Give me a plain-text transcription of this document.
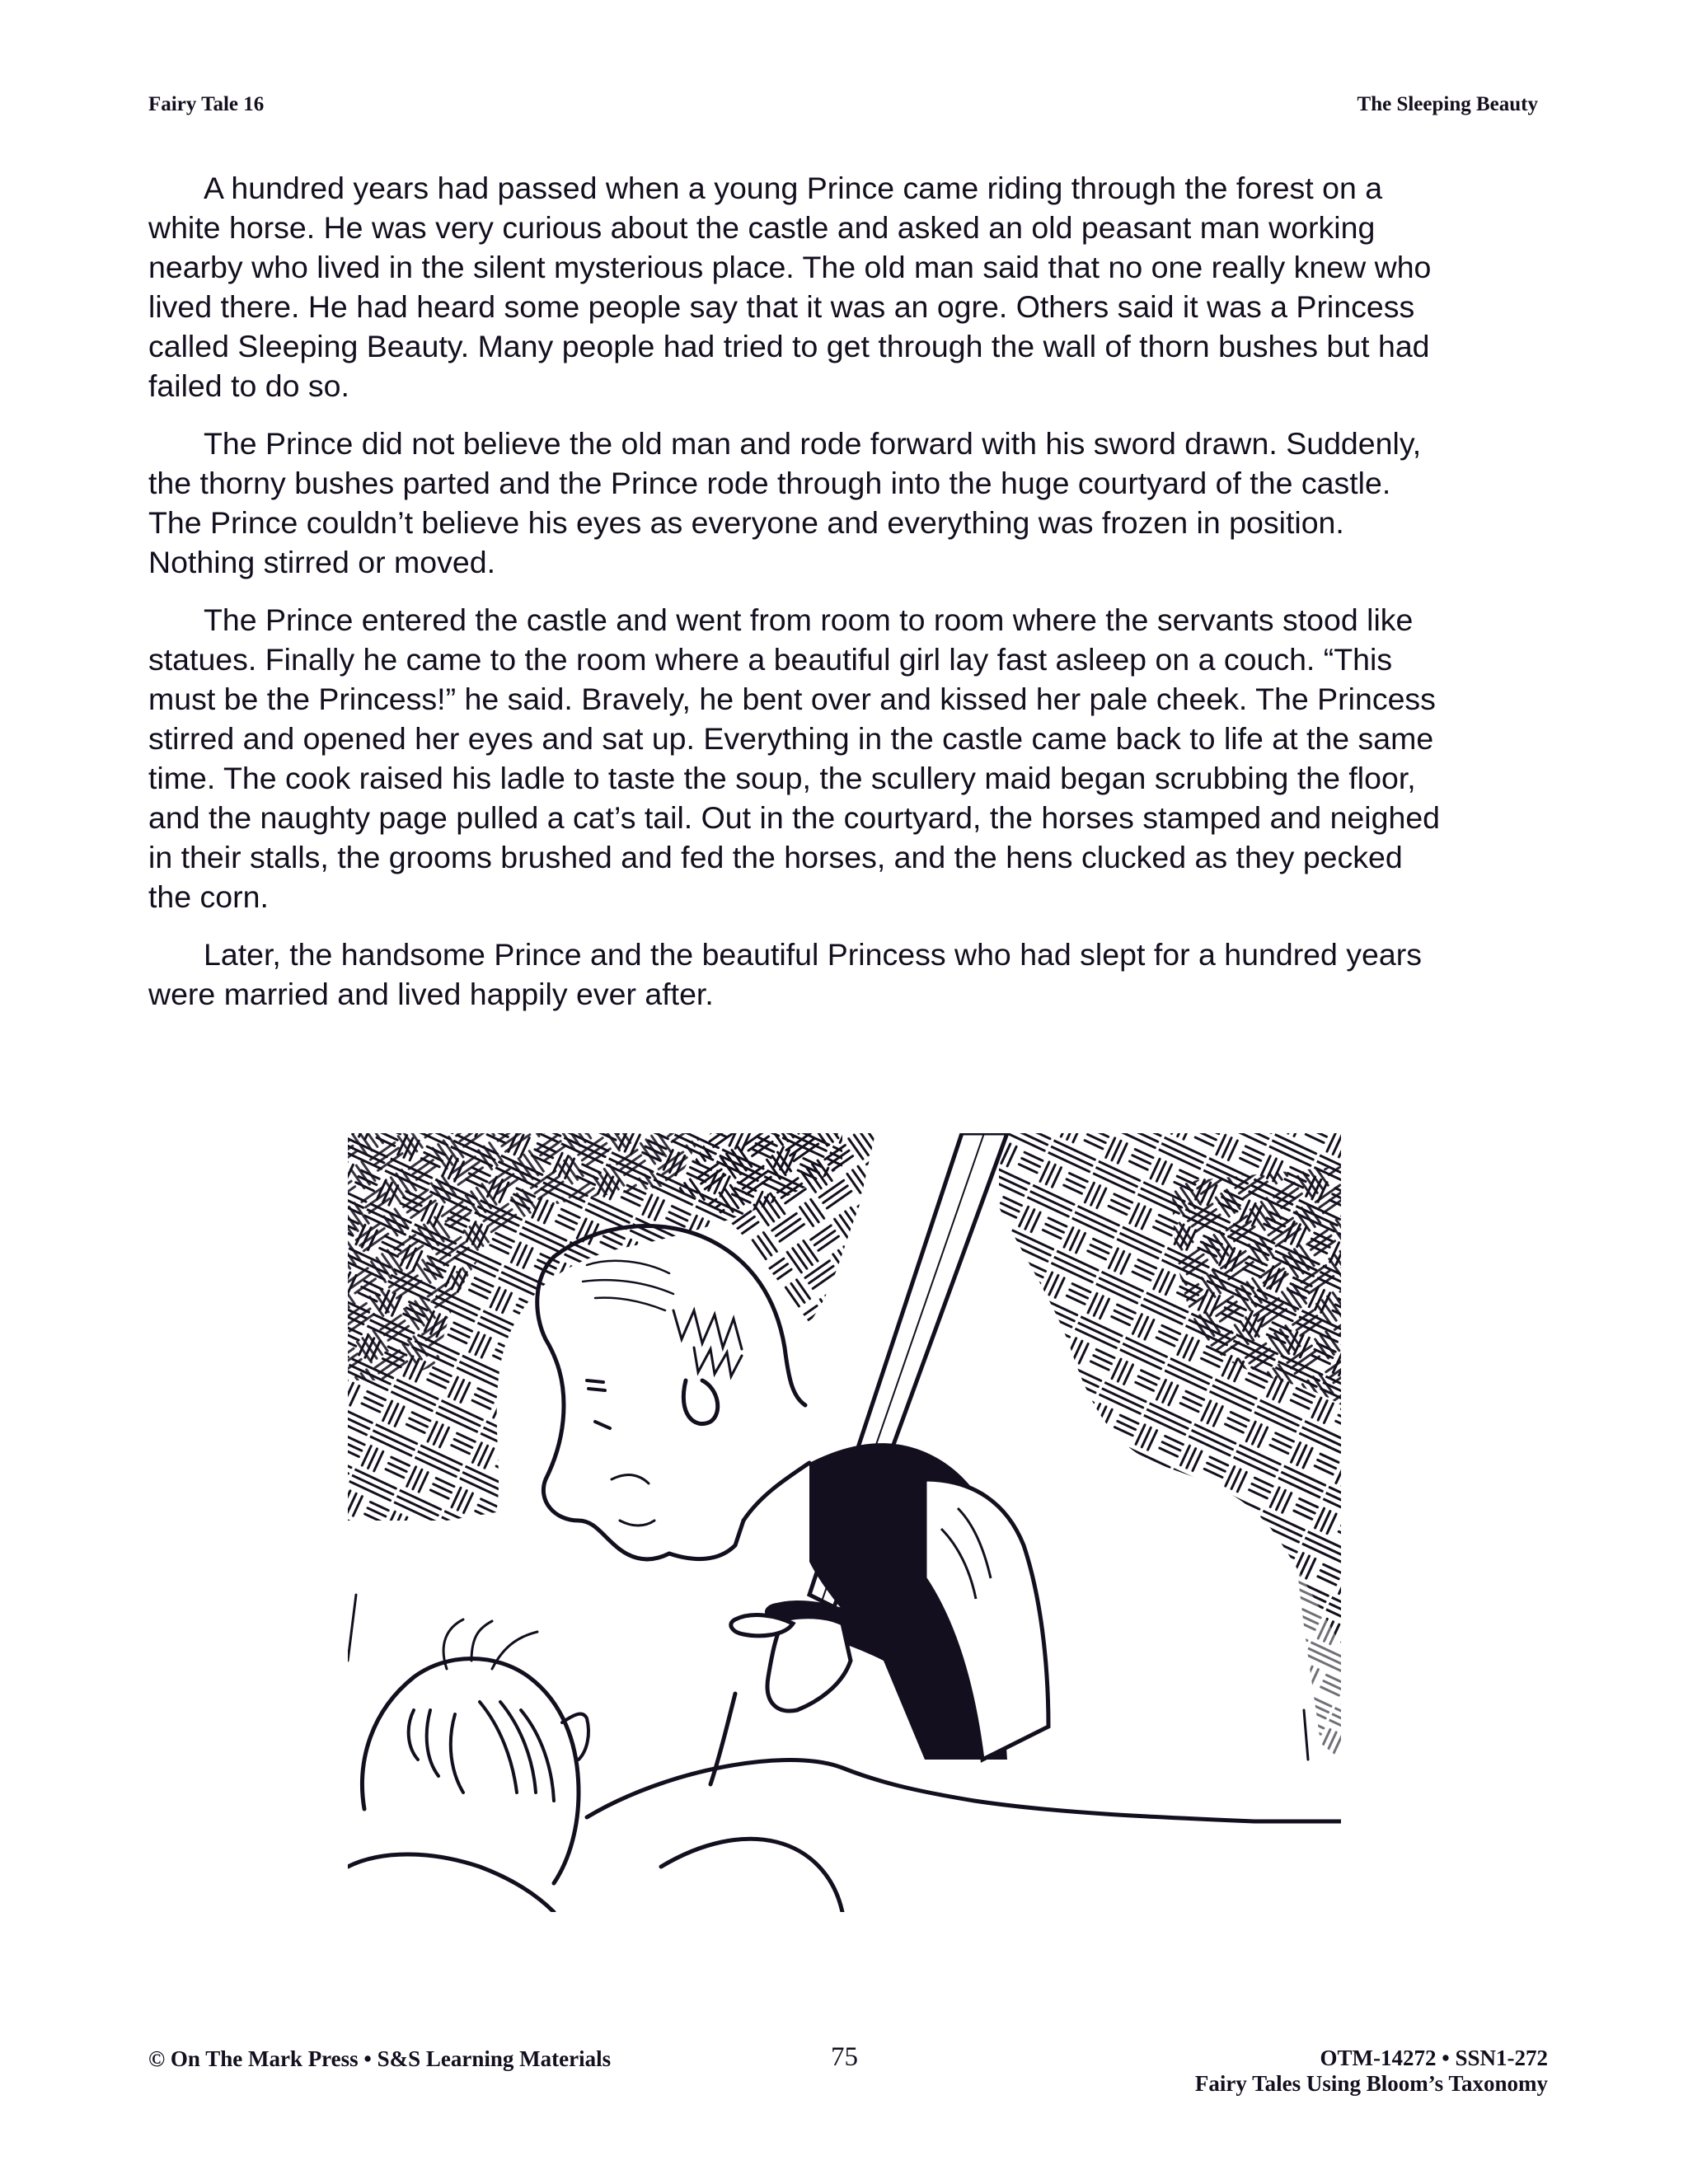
Fairy Tale 16	The Sleeping Beauty

A hundred years had passed when a young Prince came riding through the forest on a
white horse. He was very curious about the castle and asked an old peasant man working
nearby who lived in the silent mysterious place. The old man said that no one really knew who
lived there. He had heard some people say that it was an ogre. Others said it was a Princess
called Sleeping Beauty. Many people had tried to get through the wall of thorn bushes but had
failed to do so.

The Prince did not believe the old man and rode forward with his sword drawn. Suddenly,
the thorny bushes parted and the Prince rode through into the huge courtyard of the castle.
The Prince couldn’t believe his eyes as everyone and everything was frozen in position.
Nothing stirred or moved.

The Prince entered the castle and went from room to room where the servants stood like
statues. Finally he came to the room where a beautiful girl lay fast asleep on a couch. “This
must be the Princess!” he said. Bravely, he bent over and kissed her pale cheek. The Princess
stirred and opened her eyes and sat up. Everything in the castle came back to life at the same
time. The cook raised his ladle to taste the soup, the scullery maid began scrubbing the floor,
and the naughty page pulled a cat’s tail. Out in the courtyard, the horses stamped and neighed
in their stalls, the grooms brushed and fed the horses, and the hens clucked as they pecked
the corn.

Later, the handsome Prince and the beautiful Princess who had slept for a hundred years
were married and lived happily ever after.

© On The Mark Press • S&S Learning Materials	75	OTM-14272 • SSN1-272
Fairy Tales Using Bloom’s Taxonomy
